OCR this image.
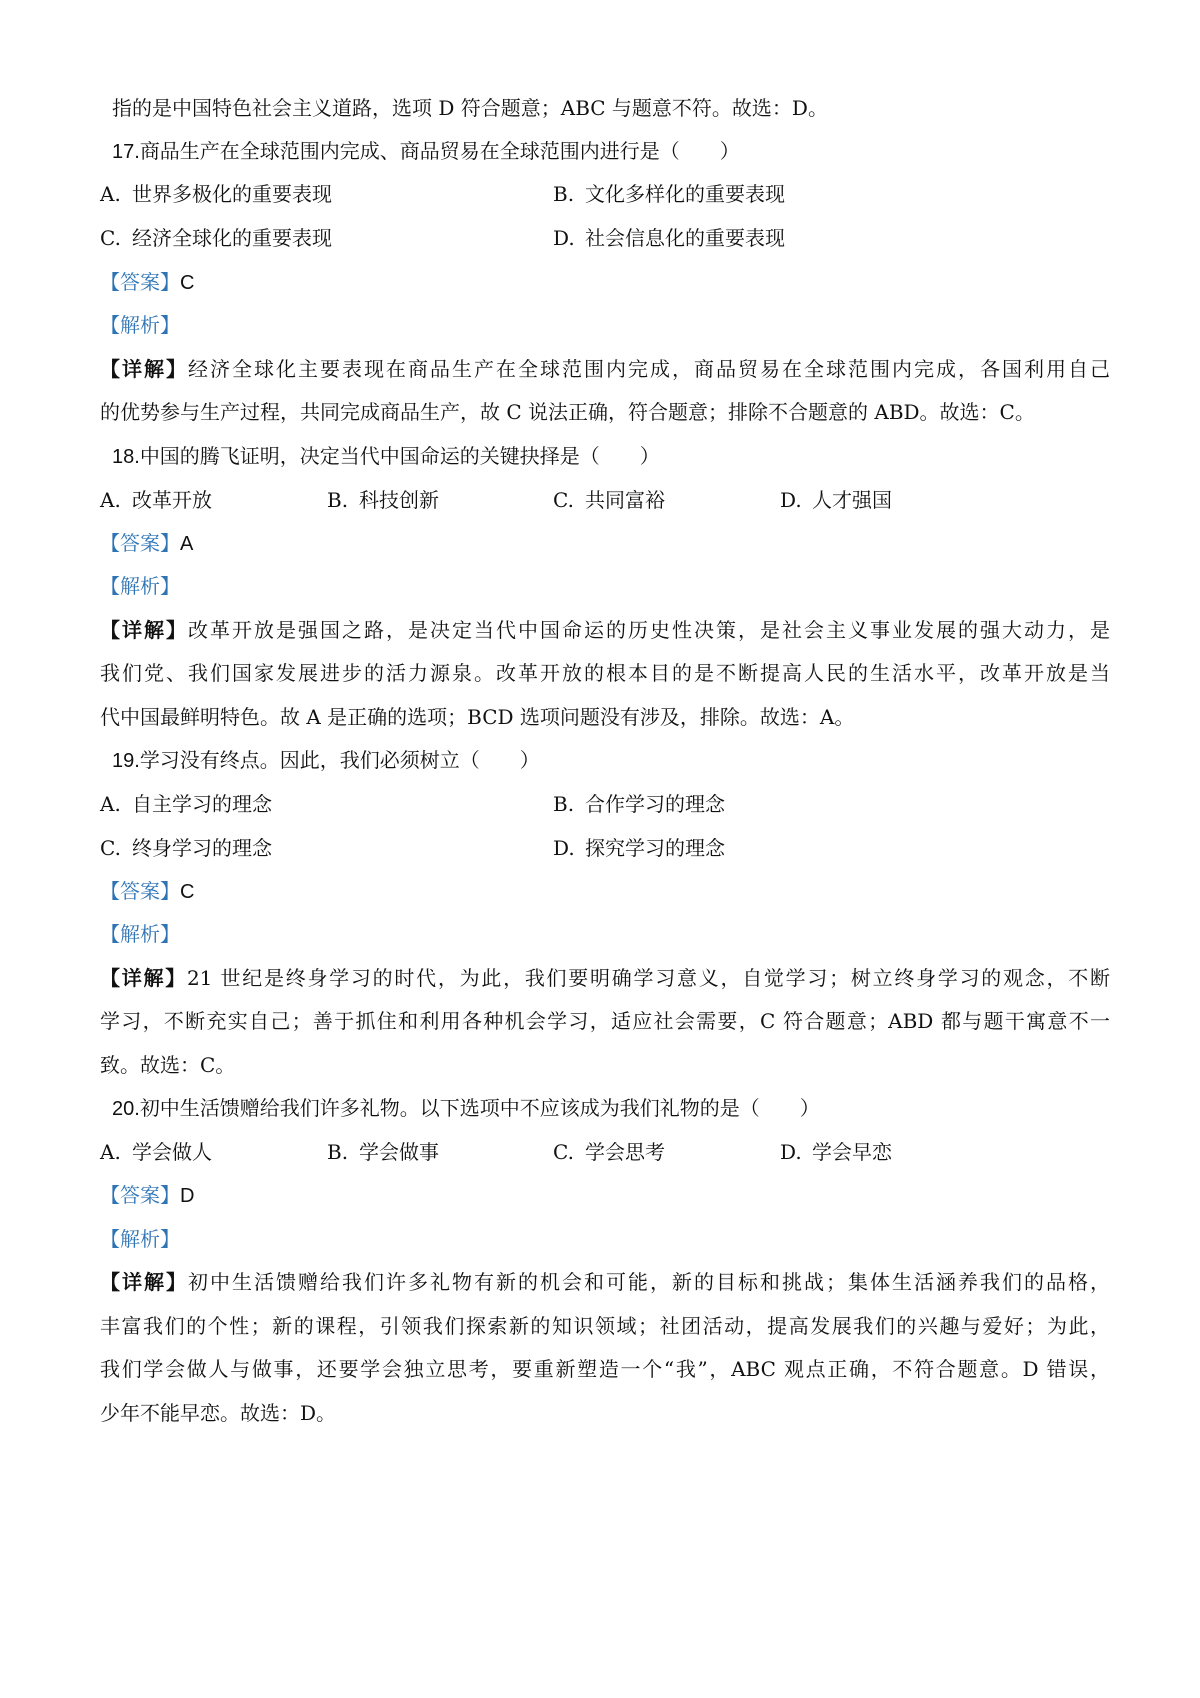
指的是中国特色社会主义道路，选项 D 符合题意；ABC 与题意不符。故选：D。
17.商品生产在全球范围内完成、商品贸易在全球范围内进行是（　　）
A. 世界多极化的重要表现	B. 文化多样化的重要表现
C. 经济全球化的重要表现	D. 社会信息化的重要表现
【答案】C
【解析】
【详解】经济全球化主要表现在商品生产在全球范围内完成，商品贸易在全球范围内完成，各国利用自己
的优势参与生产过程，共同完成商品生产，故 C 说法正确，符合题意；排除不合题意的 ABD。故选：C。
18.中国的腾飞证明，决定当代中国命运的关键抉择是（　　）
A. 改革开放	B. 科技创新	C. 共同富裕	D. 人才强国
【答案】A
【解析】
【详解】改革开放是强国之路，是决定当代中国命运的历史性决策，是社会主义事业发展的强大动力，是
我们党、我们国家发展进步的活力源泉。改革开放的根本目的是不断提高人民的生活水平，改革开放是当
代中国最鲜明特色。故 A 是正确的选项；BCD 选项问题没有涉及，排除。故选：A。
19.学习没有终点。因此，我们必须树立（　　）
A. 自主学习的理念	B. 合作学习的理念
C. 终身学习的理念	D. 探究学习的理念
【答案】C
【解析】
【详解】21 世纪是终身学习的时代，为此，我们要明确学习意义，自觉学习；树立终身学习的观念，不断
学习，不断充实自己；善于抓住和利用各种机会学习，适应社会需要，C 符合题意；ABD 都与题干寓意不一
致。故选：C。
20.初中生活馈赠给我们许多礼物。以下选项中不应该成为我们礼物的是（　　）
A. 学会做人	B. 学会做事	C. 学会思考	D. 学会早恋
【答案】D
【解析】
【详解】初中生活馈赠给我们许多礼物有新的机会和可能，新的目标和挑战；集体生活涵养我们的品格，
丰富我们的个性；新的课程，引领我们探索新的知识领域；社团活动，提高发展我们的兴趣与爱好；为此，
我们学会做人与做事，还要学会独立思考，要重新塑造一个“我”，ABC 观点正确，不符合题意。D 错误，
少年不能早恋。故选：D。
